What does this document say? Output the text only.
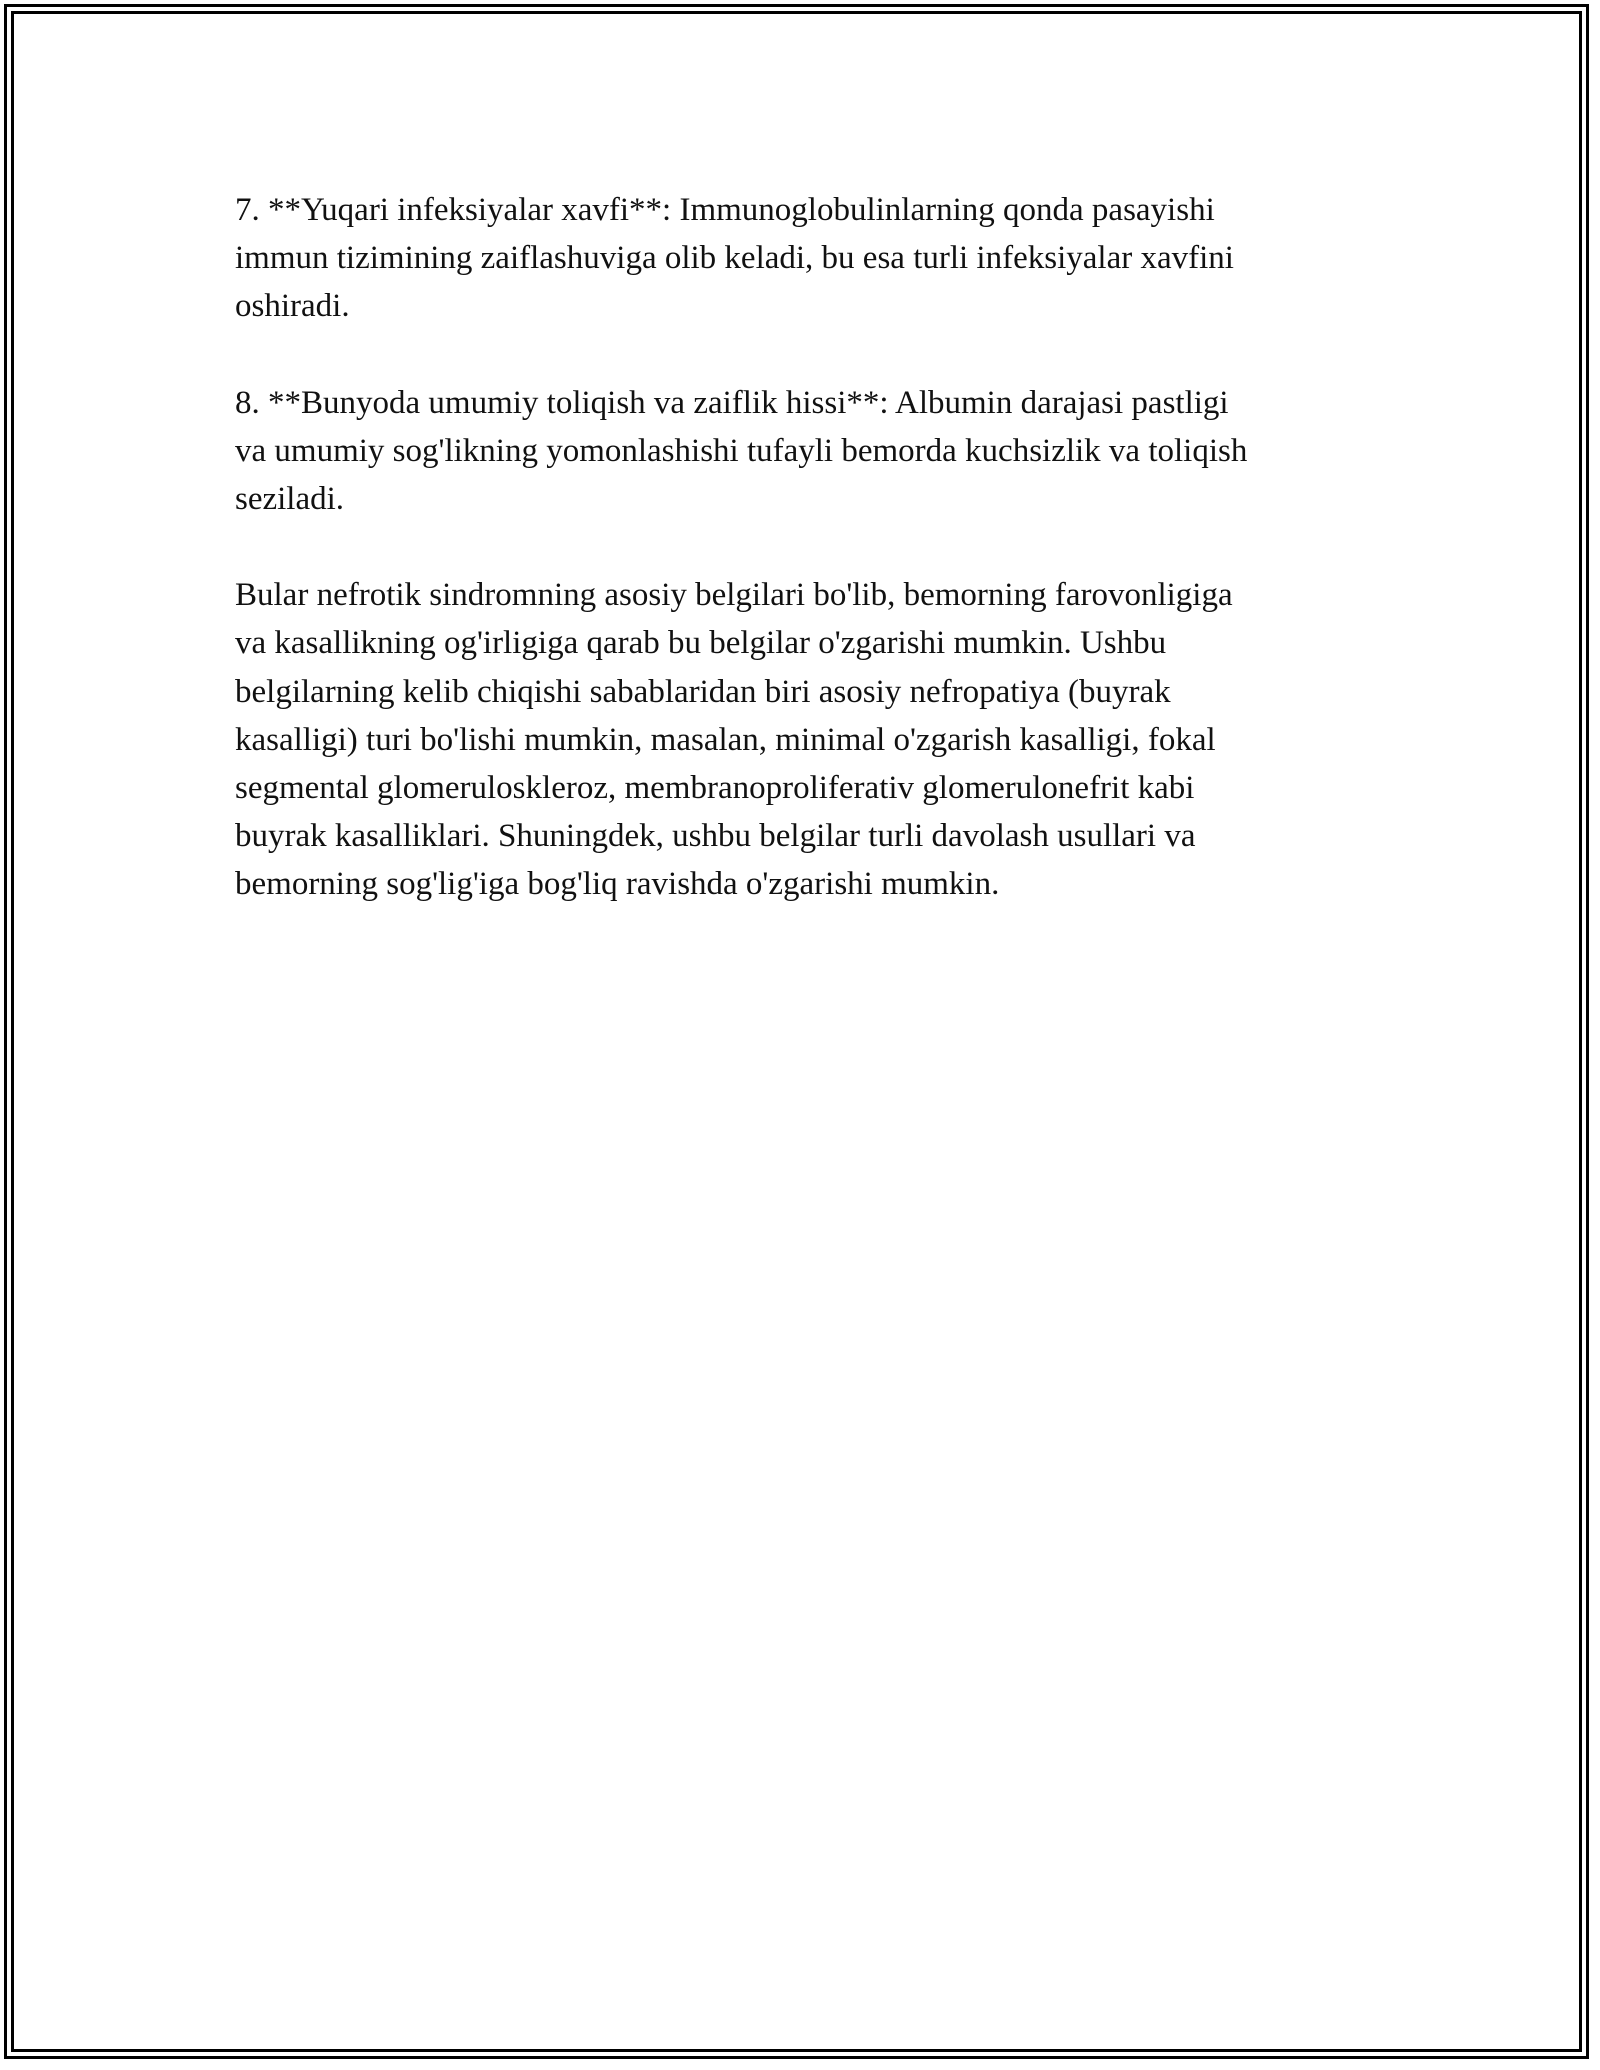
7. **Yuqari infeksiyalar xavfi**: Immunoglobulinlarning qonda pasayishi
immun tizimining zaiflashuviga olib keladi, bu esa turli infeksiyalar xavfini
oshiradi.

8. **Bunyoda umumiy toliqish va zaiflik hissi**: Albumin darajasi pastligi
va umumiy sog'likning yomonlashishi tufayli bemorda kuchsizlik va toliqish
seziladi.

Bular nefrotik sindromning asosiy belgilari bo'lib, bemorning farovonligiga
va kasallikning og'irligiga qarab bu belgilar o'zgarishi mumkin. Ushbu
belgilarning kelib chiqishi sabablaridan biri asosiy nefropatiya (buyrak
kasalligi) turi bo'lishi mumkin, masalan, minimal o'zgarish kasalligi, fokal
segmental glomeruloskleroz, membranoproliferativ glomerulonefrit kabi
buyrak kasalliklari. Shuningdek, ushbu belgilar turli davolash usullari va
bemorning sog'lig'iga bog'liq ravishda o'zgarishi mumkin.
